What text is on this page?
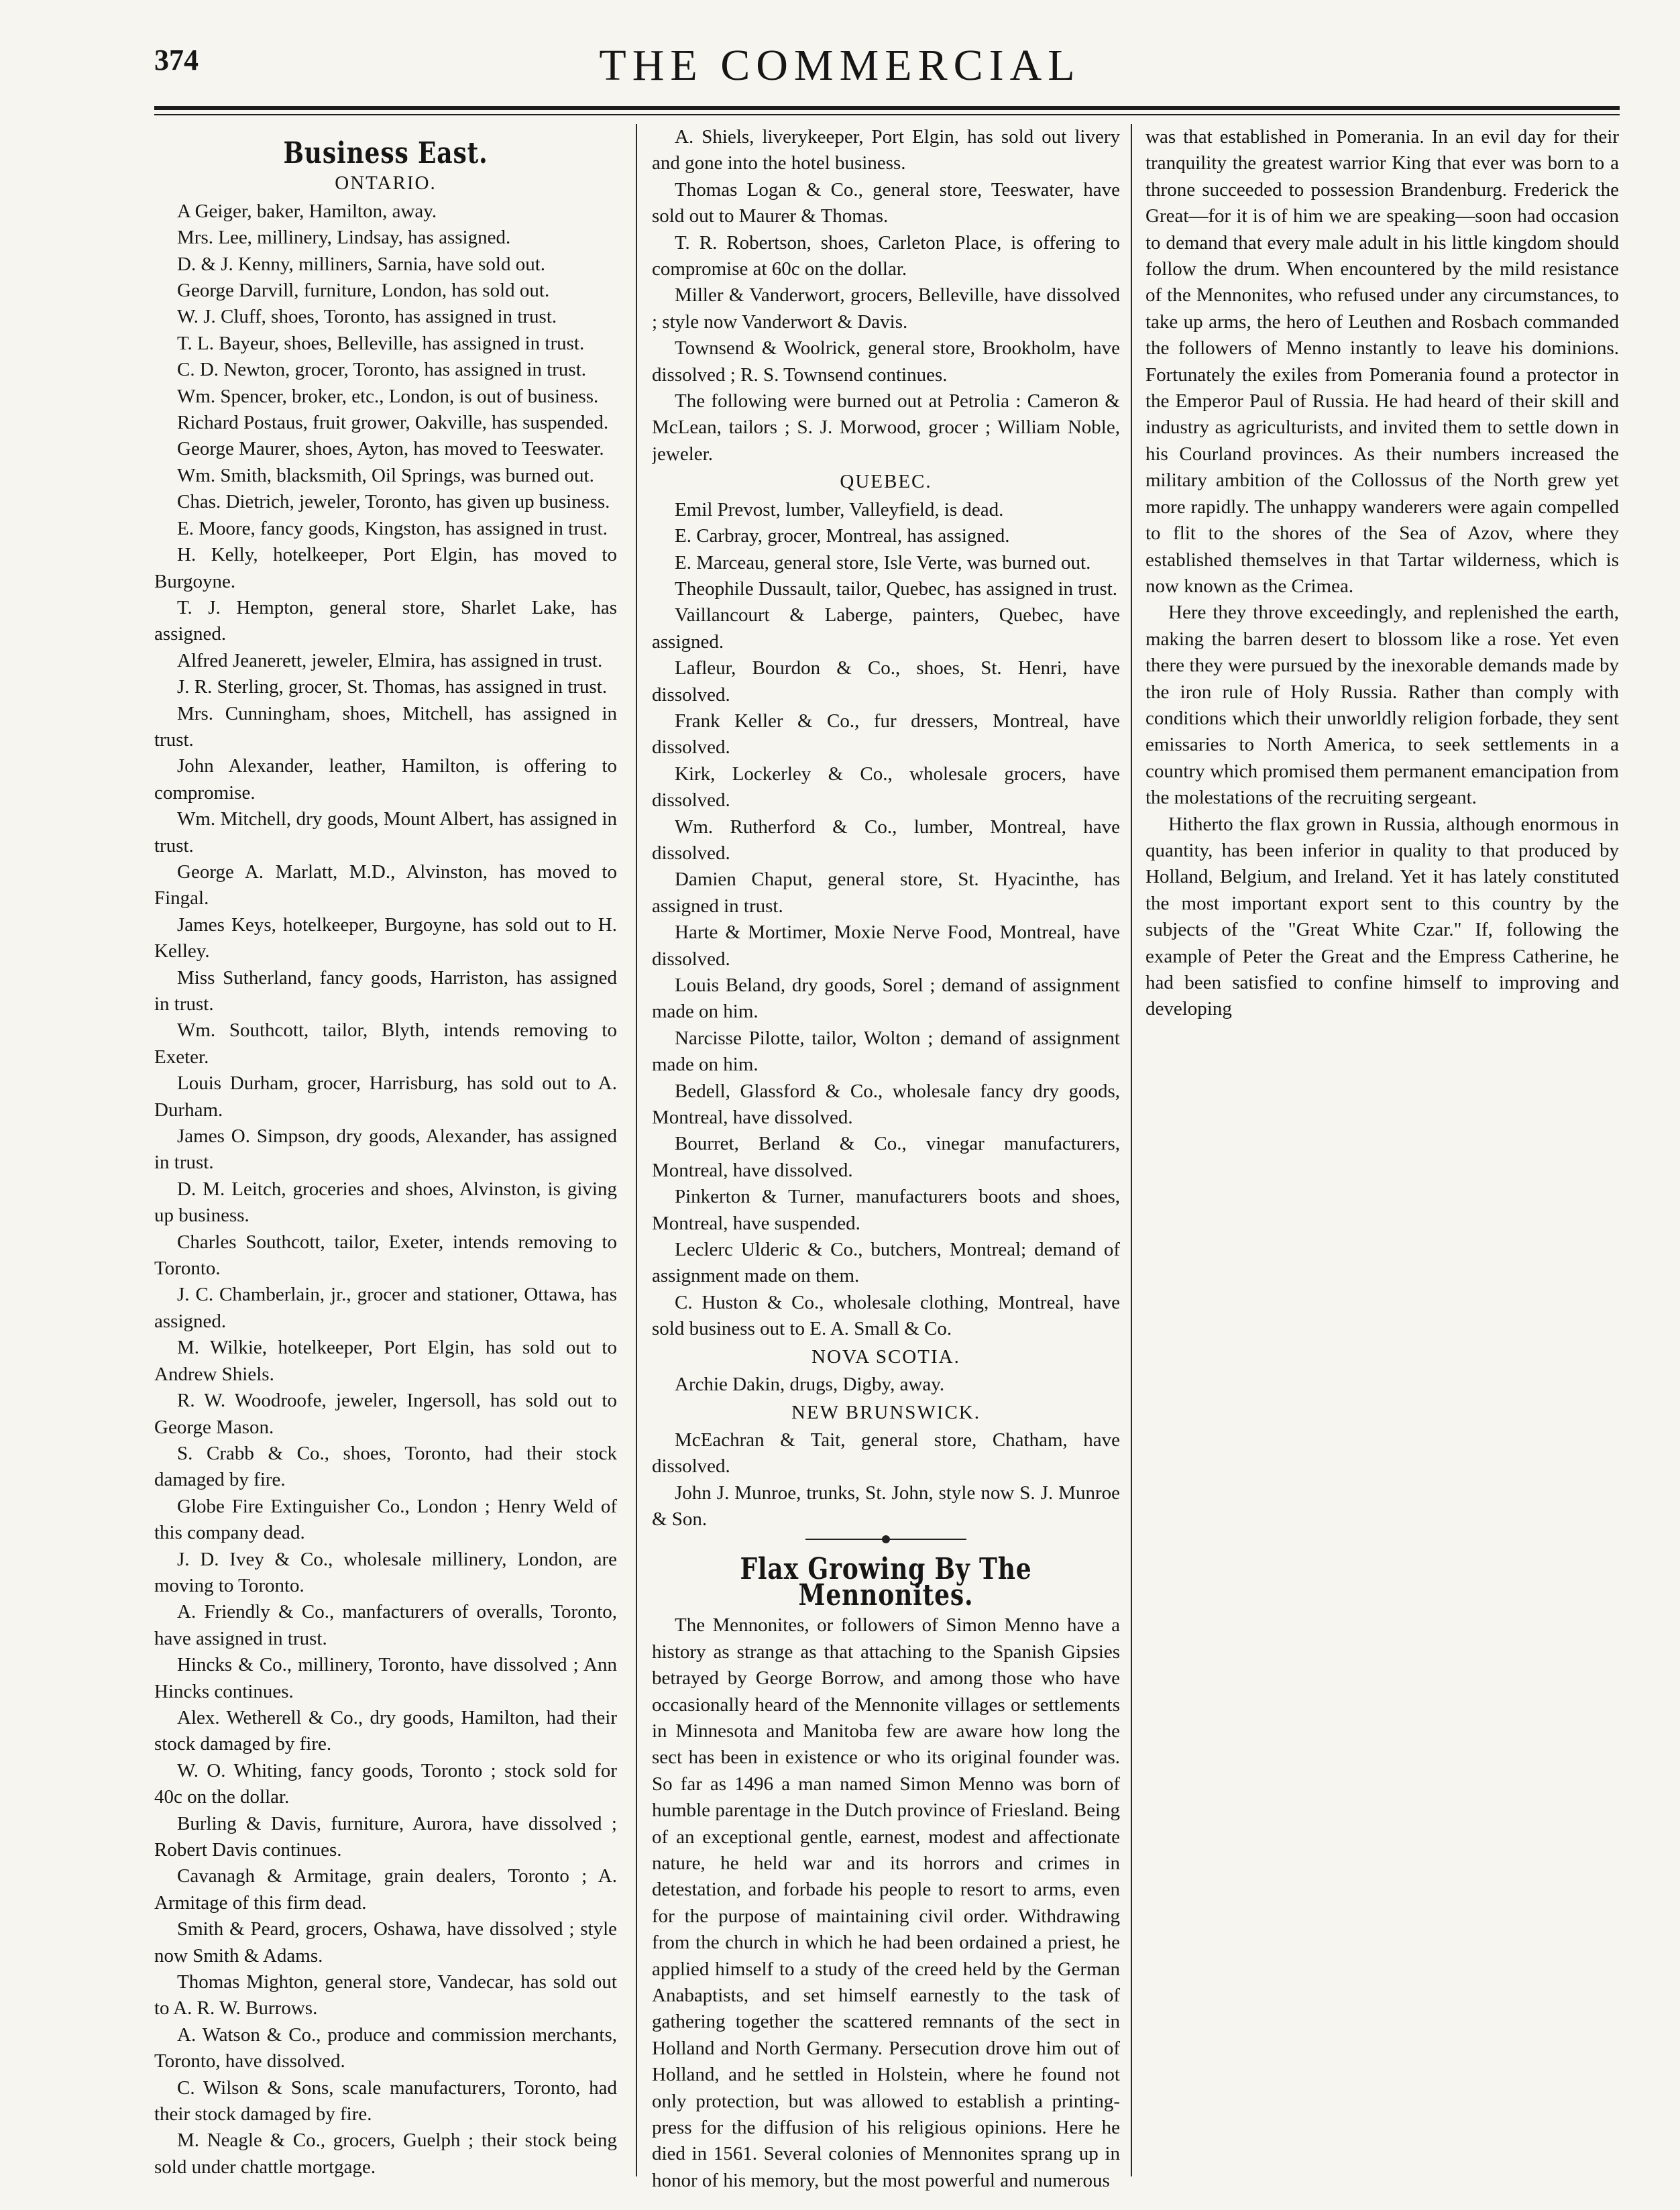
374	THE COMMERCIAL
Business East.

ONTARIO.

A Geiger, baker, Hamilton, away.

Mrs. Lee, millinery, Lindsay, has assigned.

D. & J. Kenny, milliners, Sarnia, have sold out.

George Darvill, furniture, London, has sold out.

W. J. Cluff, shoes, Toronto, has assigned in trust.

T. L. Bayeur, shoes, Belleville, has assigned in trust.

C. D. Newton, grocer, Toronto, has assigned in trust.

Wm. Spencer, broker, etc., London, is out of business.

Richard Postaus, fruit grower, Oakville, has suspended.

George Maurer, shoes, Ayton, has moved to Teeswater.

Wm. Smith, blacksmith, Oil Springs, was burned out.

Chas. Dietrich, jeweler, Toronto, has given up business.

E. Moore, fancy goods, Kingston, has assigned in trust.

H. Kelly, hotelkeeper, Port Elgin, has moved to Burgoyne.

T. J. Hempton, general store, Sharlet Lake, has assigned.

Alfred Jeanerett, jeweler, Elmira, has assigned in trust.

J. R. Sterling, grocer, St. Thomas, has assigned in trust.

Mrs. Cunningham, shoes, Mitchell, has assigned in trust.

John Alexander, leather, Hamilton, is offering to compromise.

Wm. Mitchell, dry goods, Mount Albert, has assigned in trust.

George A. Marlatt, M.D., Alvinston, has moved to Fingal.

James Keys, hotelkeeper, Burgoyne, has sold out to H. Kelley.

Miss Sutherland, fancy goods, Harriston, has assigned in trust.

Wm. Southcott, tailor, Blyth, intends removing to Exeter.

Louis Durham, grocer, Harrisburg, has sold out to A. Durham.

James O. Simpson, dry goods, Alexander, has assigned in trust.

D. M. Leitch, groceries and shoes, Alvinston, is giving up business.

Charles Southcott, tailor, Exeter, intends removing to Toronto.

J. C. Chamberlain, jr., grocer and stationer, Ottawa, has assigned.

M. Wilkie, hotelkeeper, Port Elgin, has sold out to Andrew Shiels.

R. W. Woodroofe, jeweler, Ingersoll, has sold out to George Mason.

S. Crabb & Co., shoes, Toronto, had their stock damaged by fire.

Globe Fire Extinguisher Co., London ; Henry Weld of this company dead.

J. D. Ivey & Co., wholesale millinery, London, are moving to Toronto.

A. Friendly & Co., manfacturers of overalls, Toronto, have assigned in trust.

Hincks & Co., millinery, Toronto, have dissolved ; Ann Hincks continues.

Alex. Wetherell & Co., dry goods, Hamilton, had their stock damaged by fire.

W. O. Whiting, fancy goods, Toronto ; stock sold for 40c on the dollar.

Burling & Davis, furniture, Aurora, have dissolved ; Robert Davis continues.

Cavanagh & Armitage, grain dealers, Toronto ; A. Armitage of this firm dead.

Smith & Peard, grocers, Oshawa, have dissolved ; style now Smith & Adams.

Thomas Mighton, general store, Vandecar, has sold out to A. R. W. Burrows.

A. Watson & Co., produce and commission merchants, Toronto, have dissolved.

C. Wilson & Sons, scale manufacturers, Toronto, had their stock damaged by fire.

M. Neagle & Co., grocers, Guelph ; their stock being sold under chattle mortgage.

A. Shiels, liverykeeper, Port Elgin, has sold out livery and gone into the hotel business.

Thomas Logan & Co., general store, Teeswater, have sold out to Maurer & Thomas.

T. R. Robertson, shoes, Carleton Place, is offering to compromise at 60c on the dollar.

Miller & Vanderwort, grocers, Belleville, have dissolved ; style now Vanderwort & Davis.

Townsend & Woolrick, general store, Brookholm, have dissolved ; R. S. Townsend continues.

The following were burned out at Petrolia : Cameron & McLean, tailors ; S. J. Morwood, grocer ; William Noble, jeweler.

QUEBEC.

Emil Prevost, lumber, Valleyfield, is dead.

E. Carbray, grocer, Montreal, has assigned.

E. Marceau, general store, Isle Verte, was burned out.

Theophile Dussault, tailor, Quebec, has assigned in trust.

Vaillancourt & Laberge, painters, Quebec, have assigned.

Lafleur, Bourdon & Co., shoes, St. Henri, have dissolved.

Frank Keller & Co., fur dressers, Montreal, have dissolved.

Kirk, Lockerley & Co., wholesale grocers, have dissolved.

Wm. Rutherford & Co., lumber, Montreal, have dissolved.

Damien Chaput, general store, St. Hyacinthe, has assigned in trust.

Harte & Mortimer, Moxie Nerve Food, Montreal, have dissolved.

Louis Beland, dry goods, Sorel ; demand of assignment made on him.

Narcisse Pilotte, tailor, Wolton ; demand of assignment made on him.

Bedell, Glassford & Co., wholesale fancy dry goods, Montreal, have dissolved.

Bourret, Berland & Co., vinegar manufacturers, Montreal, have dissolved.

Pinkerton & Turner, manufacturers boots and shoes, Montreal, have suspended.

Leclerc Ulderic & Co., butchers, Montreal; demand of assignment made on them.

C. Huston & Co., wholesale clothing, Montreal, have sold business out to E. A. Small & Co.

NOVA SCOTIA.

Archie Dakin, drugs, Digby, away.

NEW BRUNSWICK.

McEachran & Tait, general store, Chatham, have dissolved.

John J. Munroe, trunks, St. John, style now S. J. Munroe & Son.

Flax Growing By The Mennonites.

The Mennonites, or followers of Simon Menno have a history as strange as that attaching to the Spanish Gipsies betrayed by George Borrow, and among those who have occasionally heard of the Mennonite villages or settlements in Minnesota and Manitoba few are aware how long the sect has been in existence or who its original founder was. So far as 1496 a man named Simon Menno was born of humble parentage in the Dutch province of Friesland. Being of an exceptional gentle, earnest, modest and affectionate nature, he held war and its horrors and crimes in detestation, and forbade his people to resort to arms, even for the purpose of maintaining civil order. Withdrawing from the church in which he had been ordained a priest, he applied himself to a study of the creed held by the German Anabaptists, and set himself earnestly to the task of gathering together the scattered remnants of the sect in Holland and North Germany. Persecution drove him out of Holland, and he settled in Holstein, where he found not only protection, but was allowed to establish a printing-press for the diffusion of his religious opinions. Here he died in 1561. Several colonies of Mennonites sprang up in honor of his memory, but the most powerful and numerous

was that established in Pomerania. In an evil day for their tranquility the greatest warrior King that ever was born to a throne succeeded to possession Brandenburg. Frederick the Great—for it is of him we are speaking—soon had occasion to demand that every male adult in his little kingdom should follow the drum. When encountered by the mild resistance of the Mennonites, who refused under any circumstances, to take up arms, the hero of Leuthen and Rosbach commanded the followers of Menno instantly to leave his dominions. Fortunately the exiles from Pomerania found a protector in the Emperor Paul of Russia. He had heard of their skill and industry as agriculturists, and invited them to settle down in his Courland provinces. As their numbers increased the military ambition of the Collossus of the North grew yet more rapidly. The unhappy wanderers were again compelled to flit to the shores of the Sea of Azov, where they established themselves in that Tartar wilderness, which is now known as the Crimea.

Here they throve exceedingly, and replenished the earth, making the barren desert to blossom like a rose. Yet even there they were pursued by the inexorable demands made by the iron rule of Holy Russia. Rather than comply with conditions which their unworldly religion forbade, they sent emissaries to North America, to seek settlements in a country which promised them permanent emancipation from the molestations of the recruiting sergeant.

Hitherto the flax grown in Russia, although enormous in quantity, has been inferior in quality to that produced by Holland, Belgium, and Ireland. Yet it has lately constituted the most important export sent to this country by the subjects of the "Great White Czar." If, following the example of Peter the Great and the Empress Catherine, he had been satisfied to confine himself to improving and developing
